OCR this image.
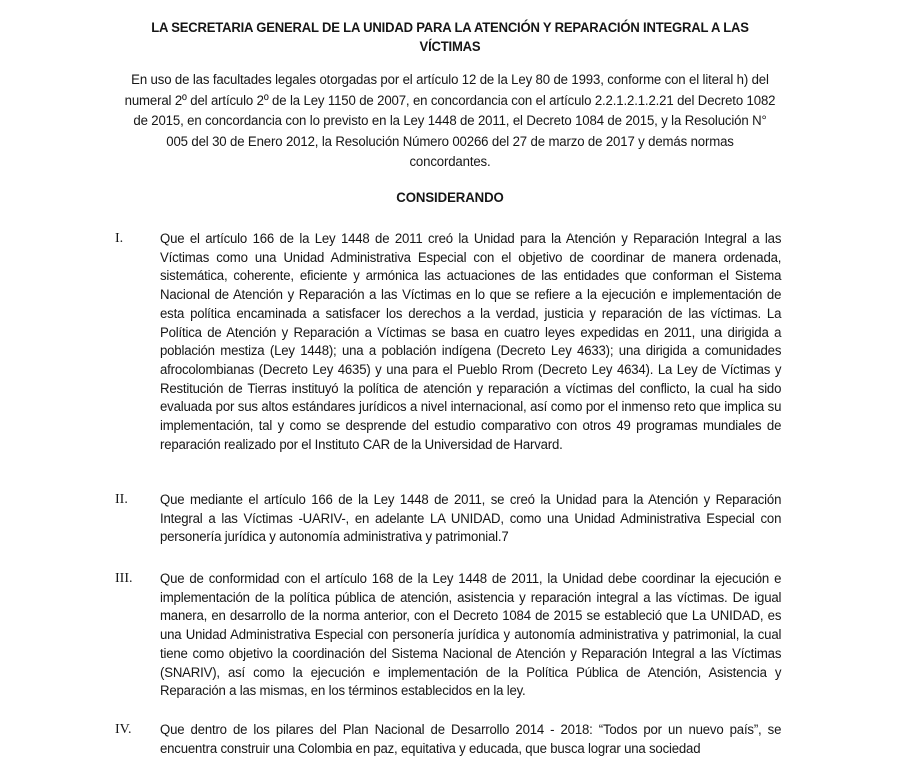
LA SECRETARIA GENERAL DE LA UNIDAD PARA LA ATENCIÓN Y REPARACIÓN INTEGRAL A LAS VÍCTIMAS
En uso de las facultades legales otorgadas por el artículo 12 de la Ley 80 de 1993, conforme con el literal h) del numeral 2º del artículo 2º de la Ley 1150 de 2007, en concordancia con el artículo 2.2.1.2.1.2.21 del Decreto 1082 de 2015, en concordancia con lo previsto en la Ley 1448 de 2011, el Decreto 1084 de 2015, y la Resolución N° 005 del 30 de Enero 2012, la Resolución Número 00266 del 27 de marzo de 2017 y demás normas concordantes.
CONSIDERANDO
I.	Que el artículo 166 de la Ley 1448 de 2011 creó la Unidad para la Atención y Reparación Integral a las Víctimas como una Unidad Administrativa Especial con el objetivo de coordinar de manera ordenada, sistemática, coherente, eficiente y armónica las actuaciones de las entidades que conforman el Sistema Nacional de Atención y Reparación a las Víctimas en lo que se refiere a la ejecución e implementación de esta política encaminada a satisfacer los derechos a la verdad, justicia y reparación de las víctimas. La Política de Atención y Reparación a Víctimas se basa en cuatro leyes expedidas en 2011, una dirigida a población mestiza (Ley 1448); una a población indígena (Decreto Ley 4633); una dirigida a comunidades afrocolombianas (Decreto Ley 4635) y una para el Pueblo Rrom (Decreto Ley 4634). La Ley de Víctimas y Restitución de Tierras instituyó la política de atención y reparación a víctimas del conflicto, la cual ha sido evaluada por sus altos estándares jurídicos a nivel internacional, así como por el inmenso reto que implica su implementación, tal y como se desprende del estudio comparativo con otros 49 programas mundiales de reparación realizado por el Instituto CAR de la Universidad de Harvard.
II. Que mediante el artículo 166 de la Ley 1448 de 2011, se creó la Unidad para la Atención y Reparación Integral a las Víctimas -UARIV-, en adelante LA UNIDAD, como una Unidad Administrativa Especial con personería jurídica y autonomía administrativa y patrimonial.7
III. Que de conformidad con el artículo 168 de la Ley 1448 de 2011, la Unidad debe coordinar la ejecución e implementación de la política pública de atención, asistencia y reparación integral a las víctimas. De igual manera, en desarrollo de la norma anterior, con el Decreto 1084 de 2015 se estableció que La UNIDAD, es una Unidad Administrativa Especial con personería jurídica y autonomía administrativa y patrimonial, la cual tiene como objetivo la coordinación del Sistema Nacional de Atención y Reparación Integral a las Víctimas (SNARIV), así como la ejecución e implementación de la Política Pública de Atención, Asistencia y Reparación a las mismas, en los términos establecidos en la ley.
IV. Que dentro de los pilares del Plan Nacional de Desarrollo 2014 - 2018: “Todos por un nuevo país”, se encuentra construir una Colombia en paz, equitativa y educada, que busca lograr una sociedad
